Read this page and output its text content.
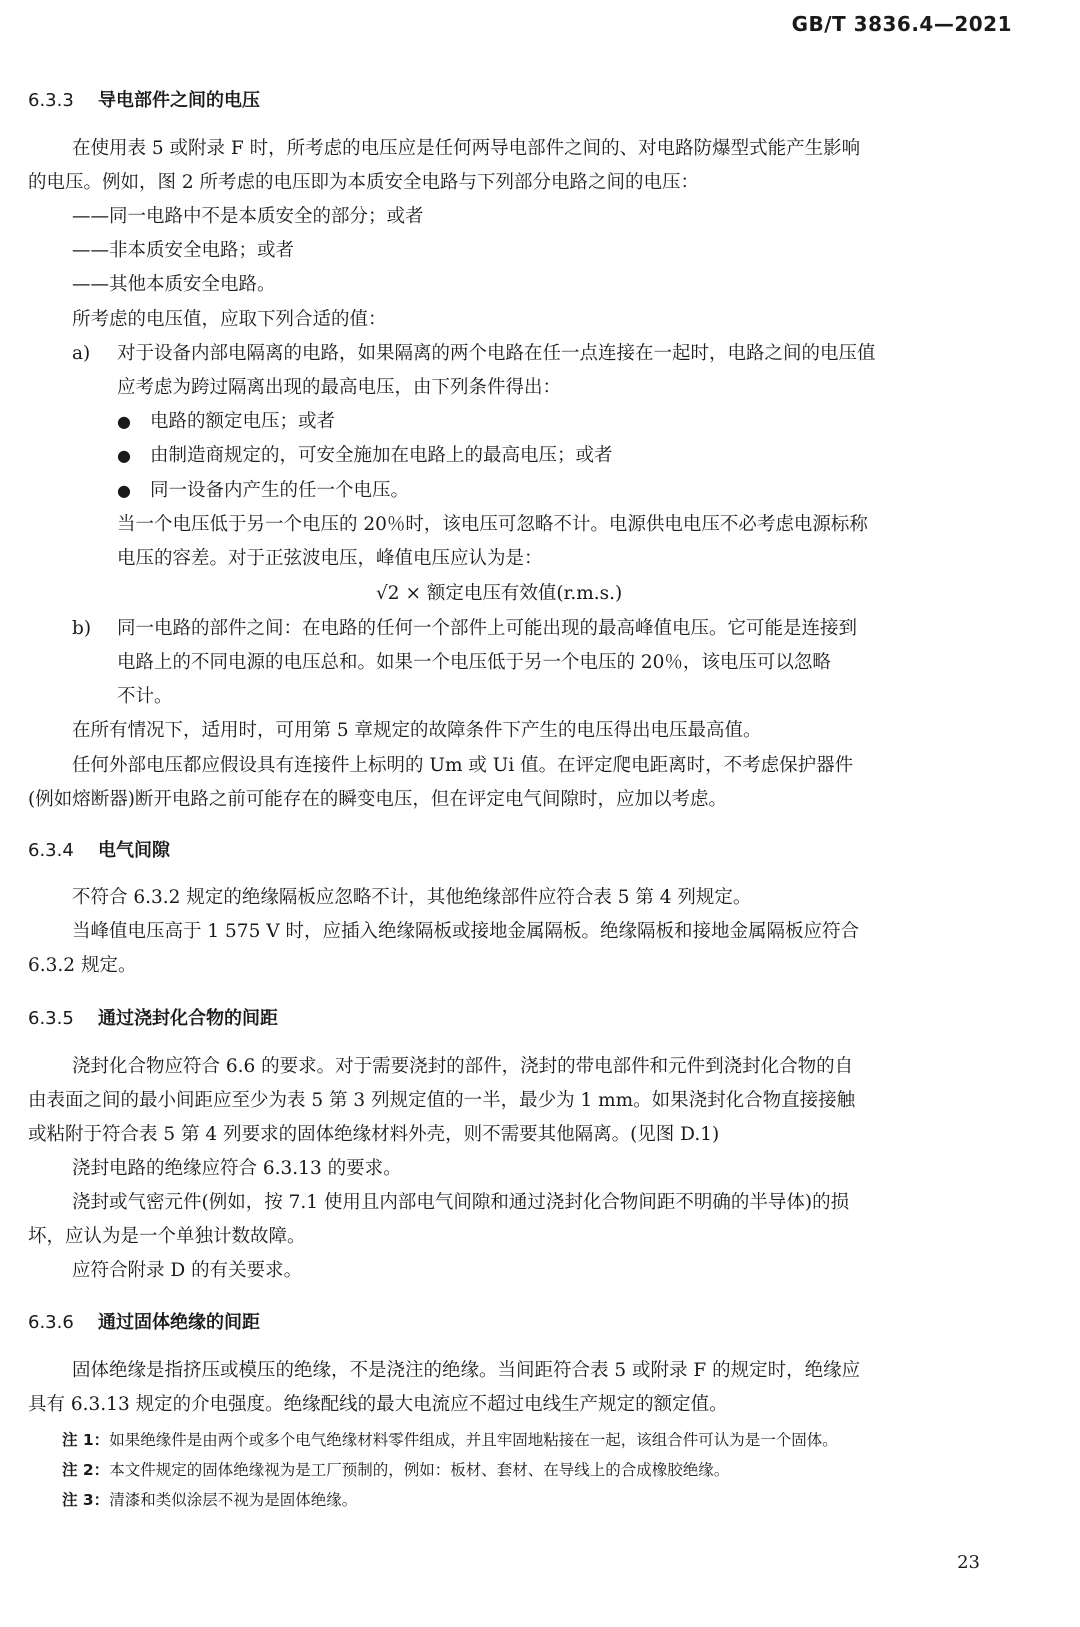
GB/T 3836.4—2021
6.3.3 导电部件之间的电压
在使用表 5 或附录 F 时，所考虑的电压应是任何两导电部件之间的、对电路防爆型式能产生影响
的电压。例如，图 2 所考虑的电压即为本质安全电路与下列部分电路之间的电压：
——同一电路中不是本质安全的部分；或者
——非本质安全电路；或者
——其他本质安全电路。
所考虑的电压值，应取下列合适的值：
a) 对于设备内部电隔离的电路，如果隔离的两个电路在任一点连接在一起时，电路之间的电压值
应考虑为跨过隔离出现的最高电压，由下列条件得出：
● 电路的额定电压；或者
● 由制造商规定的，可安全施加在电路上的最高电压；或者
● 同一设备内产生的任一个电压。
当一个电压低于另一个电压的 20％时，该电压可忽略不计。电源供电电压不必考虑电源标称
电压的容差。对于正弦波电压，峰值电压应认为是：
√2 × 额定电压有效值(r.m.s.)
b) 同一电路的部件之间：在电路的任何一个部件上可能出现的最高峰值电压。它可能是连接到
电路上的不同电源的电压总和。如果一个电压低于另一个电压的 20％，该电压可以忽略
不计。
在所有情况下，适用时，可用第 5 章规定的故障条件下产生的电压得出电压最高值。
任何外部电压都应假设具有连接件上标明的 Um 或 Ui 值。在评定爬电距离时，不考虑保护器件
(例如熔断器)断开电路之前可能存在的瞬变电压，但在评定电气间隙时，应加以考虑。
6.3.4 电气间隙
不符合 6.3.2 规定的绝缘隔板应忽略不计，其他绝缘部件应符合表 5 第 4 列规定。
当峰值电压高于 1 575 V 时，应插入绝缘隔板或接地金属隔板。绝缘隔板和接地金属隔板应符合
6.3.2 规定。
6.3.5 通过浇封化合物的间距
浇封化合物应符合 6.6 的要求。对于需要浇封的部件，浇封的带电部件和元件到浇封化合物的自
由表面之间的最小间距应至少为表 5 第 3 列规定值的一半，最少为 1 mm。如果浇封化合物直接接触
或粘附于符合表 5 第 4 列要求的固体绝缘材料外壳，则不需要其他隔离。(见图 D.1)
浇封电路的绝缘应符合 6.3.13 的要求。
浇封或气密元件(例如，按 7.1 使用且内部电气间隙和通过浇封化合物间距不明确的半导体)的损
坏，应认为是一个单独计数故障。
应符合附录 D 的有关要求。
6.3.6 通过固体绝缘的间距
固体绝缘是指挤压或模压的绝缘，不是浇注的绝缘。当间距符合表 5 或附录 F 的规定时，绝缘应
具有 6.3.13 规定的介电强度。绝缘配线的最大电流应不超过电线生产规定的额定值。
注 1：如果绝缘件是由两个或多个电气绝缘材料零件组成，并且牢固地粘接在一起，该组合件可认为是一个固体。
注 2：本文件规定的固体绝缘视为是工厂预制的，例如：板材、套材、在导线上的合成橡胶绝缘。
注 3：清漆和类似涂层不视为是固体绝缘。
23
